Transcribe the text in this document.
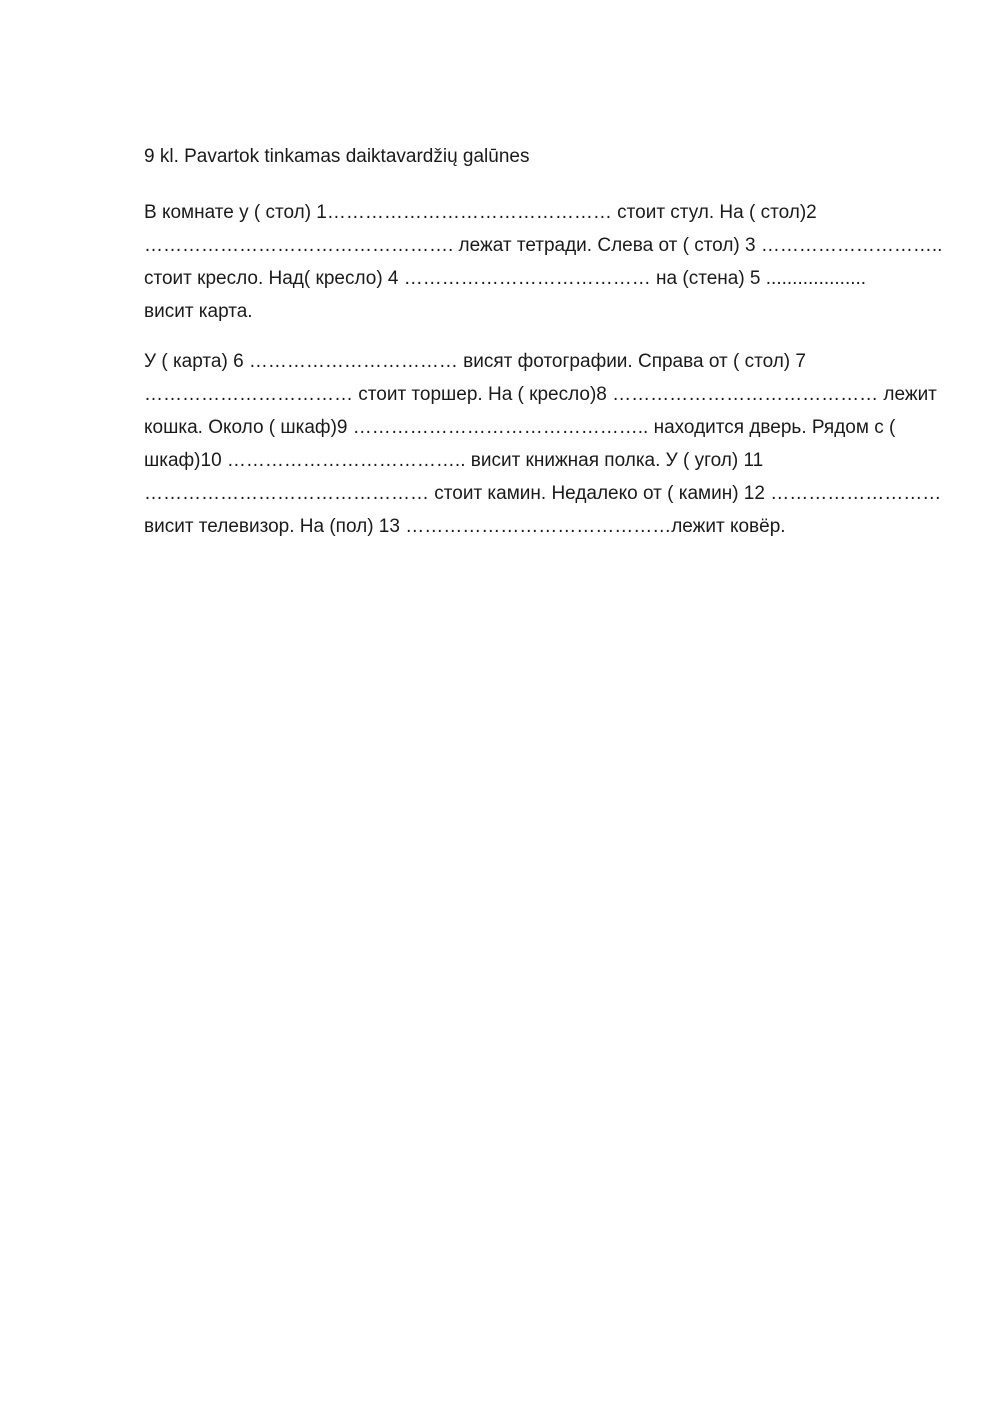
9 kl. Pavartok tinkamas daiktavardžių galūnes
В комнате у ( стол) 1……………………………………… стоит стул. На ( стол)2
…………………………………………. лежат тетради. Слева от ( стол) 3 ………………………..
стоит кресло. Над( кресло) 4 ………………………………… на (стена) 5 ...................
висит карта.
У ( карта) 6 …………………………… висят фотографии. Справа от ( стол) 7
…………………………… стоит торшер. На ( кресло)8 …………………………………… лежит
кошка. Около ( шкаф)9 ……………………………………….. находится дверь. Рядом с (
шкаф)10 ……………………………….. висит книжная полка. У ( угол) 11
……………………………………… стоит камин. Недалеко от ( камин) 12 ………………………
висит телевизор. На (пол) 13 ……………………………………лежит ковёр.
